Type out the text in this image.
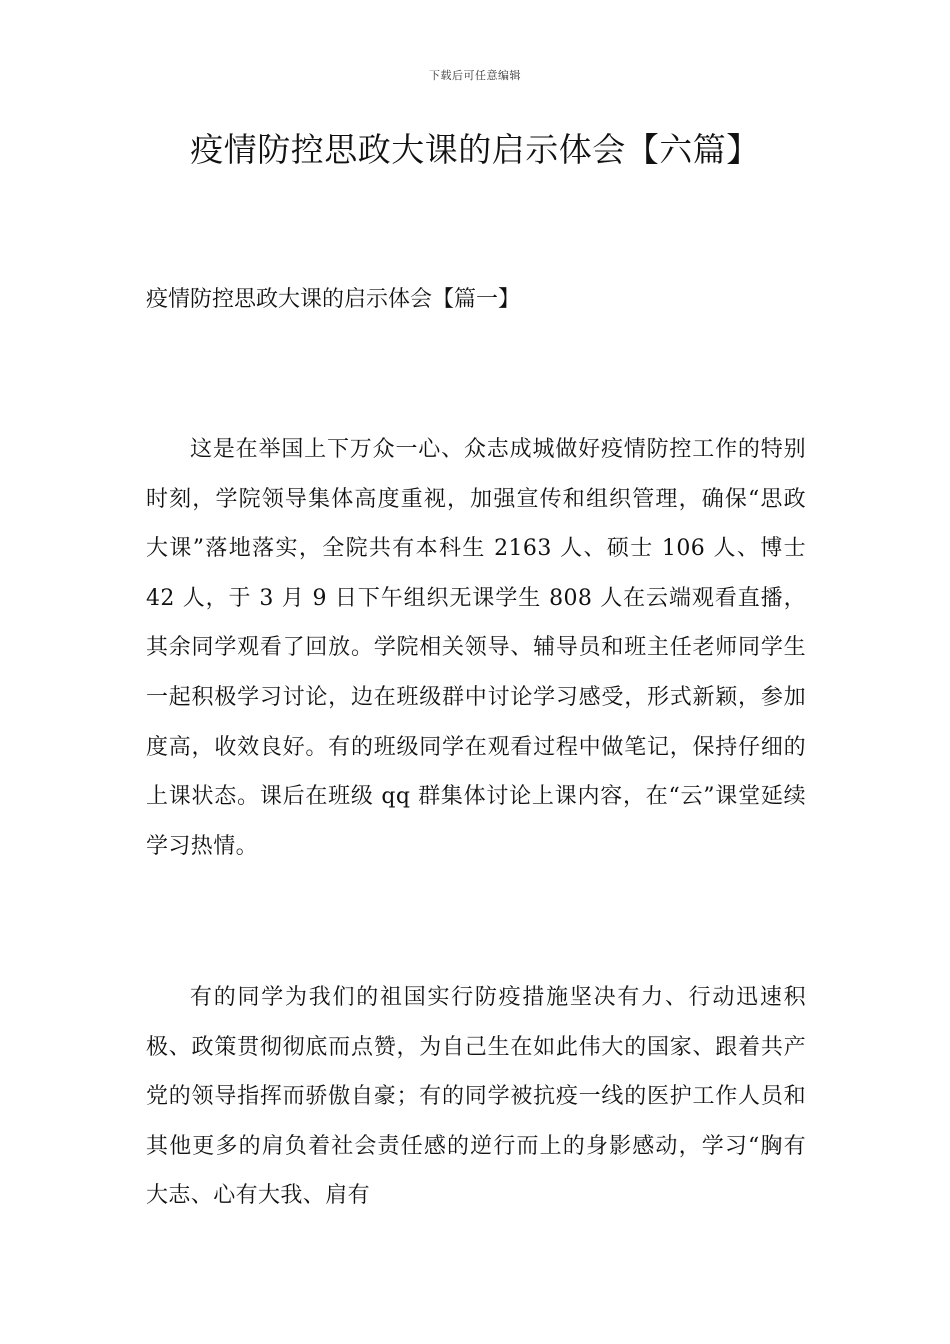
下载后可任意编辑
疫情防控思政大课的启示体会【六篇】
疫情防控思政大课的启示体会【篇一】

这是在举国上下万众一心、众志成城做好疫情防控工作的特别时刻，学院领导集体高度重视，加强宣传和组织管理，确保“思政大课”落地落实，全院共有本科生 2163 人、硕士 106 人、博士 42 人，于 3 月 9 日下午组织无课学生 808 人在云端观看直播，其余同学观看了回放。学院相关领导、辅导员和班主任老师同学生一起积极学习讨论，边在班级群中讨论学习感受，形式新颖，参加度高，收效良好。有的班级同学在观看过程中做笔记，保持仔细的上课状态。课后在班级 qq 群集体讨论上课内容，在“云”课堂延续学习热情。

有的同学为我们的祖国实行防疫措施坚决有力、行动迅速积极、政策贯彻彻底而点赞，为自己生在如此伟大的国家、跟着共产党的领导指挥而骄傲自豪；有的同学被抗疫一线的医护工作人员和其他更多的肩负着社会责任感的逆行而上的身影感动，学习“胸有大志、心有大我、肩有
